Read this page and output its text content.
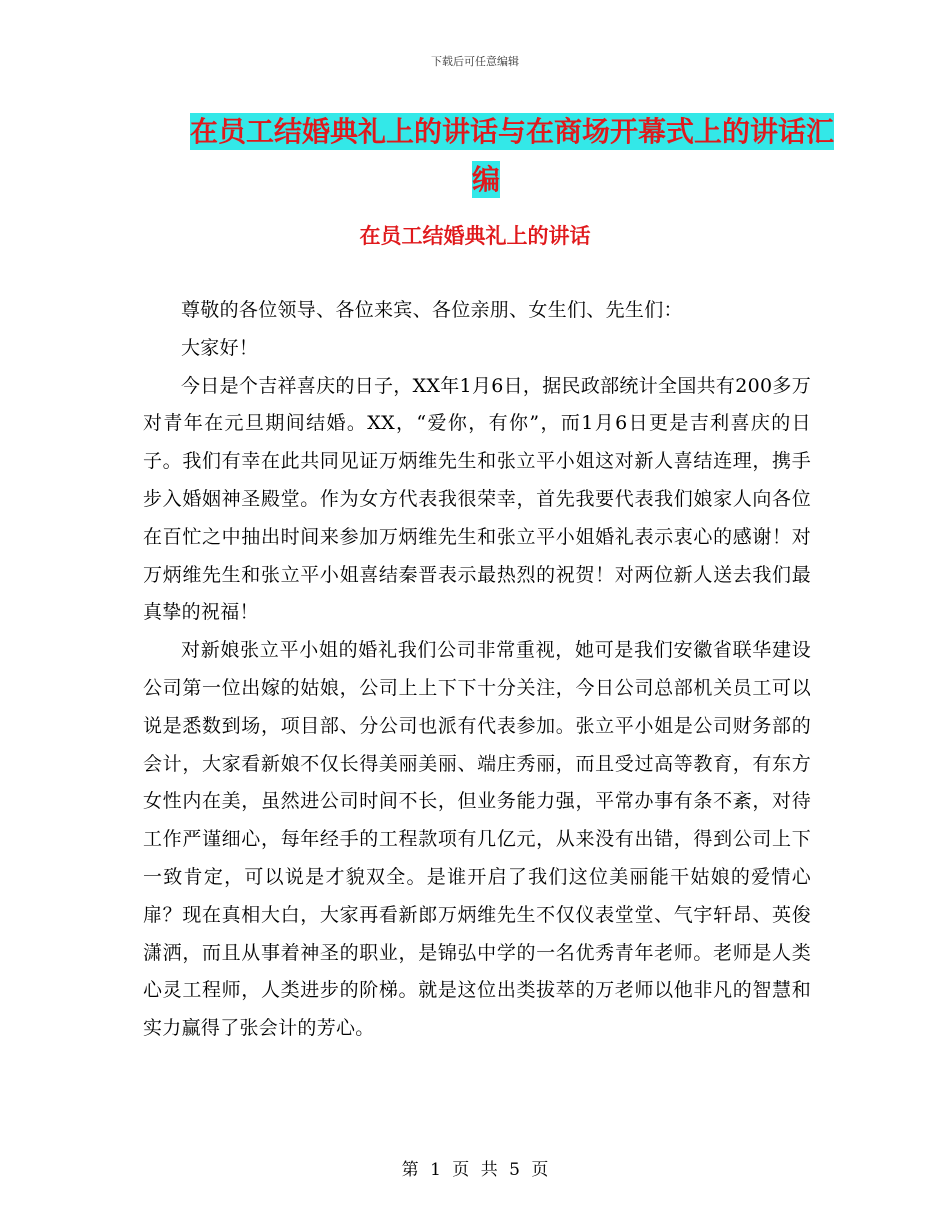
下载后可任意编辑
在员工结婚典礼上的讲话与在商场开幕式上的讲话汇
编
在员工结婚典礼上的讲话

尊敬的各位领导、各位来宾、各位亲朋、女生们、先生们：

大家好！

今日是个吉祥喜庆的日子，XX年1月6日，据民政部统计全国共有200多万对青年在元旦期间结婚。XX，“爱你，有你”，而1月6日更是吉利喜庆的日子。我们有幸在此共同见证万炳维先生和张立平小姐这对新人喜结连理，携手步入婚姻神圣殿堂。作为女方代表我很荣幸，首先我要代表我们娘家人向各位在百忙之中抽出时间来参加万炳维先生和张立平小姐婚礼表示衷心的感谢！对万炳维先生和张立平小姐喜结秦晋表示最热烈的祝贺！对两位新人送去我们最真挚的祝福！

对新娘张立平小姐的婚礼我们公司非常重视，她可是我们安徽省联华建设公司第一位出嫁的姑娘，公司上上下下十分关注，今日公司总部机关员工可以说是悉数到场，项目部、分公司也派有代表参加。张立平小姐是公司财务部的会计，大家看新娘不仅长得美丽美丽、端庄秀丽，而且受过高等教育，有东方女性内在美，虽然进公司时间不长，但业务能力强，平常办事有条不紊，对待工作严谨细心，每年经手的工程款项有几亿元，从来没有出错，得到公司上下一致肯定，可以说是才貌双全。是谁开启了我们这位美丽能干姑娘的爱情心扉？现在真相大白，大家再看新郎万炳维先生不仅仪表堂堂、气宇轩昂、英俊潇洒，而且从事着神圣的职业，是锦弘中学的一名优秀青年老师。老师是人类心灵工程师，人类进步的阶梯。就是这位出类拔萃的万老师以他非凡的智慧和实力赢得了张会计的芳心。

第 1 页 共 5 页
